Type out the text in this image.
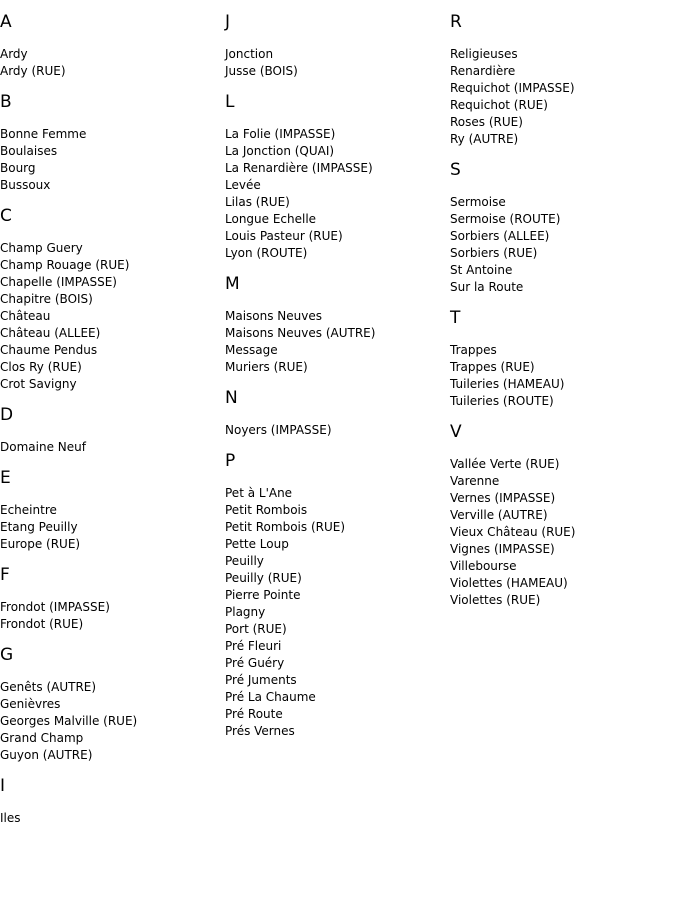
A
Ardy
Ardy (RUE)
B
Bonne Femme
Boulaises
Bourg
Bussoux
C
Champ Guery
Champ Rouage (RUE)
Chapelle (IMPASSE)
Chapitre (BOIS)
Château
Château (ALLEE)
Chaume Pendus
Clos Ry (RUE)
Crot Savigny
D
Domaine Neuf
E
Echeintre
Etang Peuilly
Europe (RUE)
F
Frondot (IMPASSE)
Frondot (RUE)
G
Genêts (AUTRE)
Genièvres
Georges Malville (RUE)
Grand Champ
Guyon (AUTRE)
I
Iles
J
Jonction
Jusse (BOIS)
L
La Folie (IMPASSE)
La Jonction (QUAI)
La Renardière (IMPASSE)
Levée
Lilas (RUE)
Longue Echelle
Louis Pasteur (RUE)
Lyon (ROUTE)
M
Maisons Neuves
Maisons Neuves (AUTRE)
Message
Muriers (RUE)
N
Noyers (IMPASSE)
P
Pet à L'Ane
Petit Rombois
Petit Rombois (RUE)
Pette Loup
Peuilly
Peuilly (RUE)
Pierre Pointe
Plagny
Port (RUE)
Pré Fleuri
Pré Guéry
Pré Juments
Pré La Chaume
Pré Route
Prés Vernes
R
Religieuses
Renardière
Requichot (IMPASSE)
Requichot (RUE)
Roses (RUE)
Ry (AUTRE)
S
Sermoise
Sermoise (ROUTE)
Sorbiers (ALLEE)
Sorbiers (RUE)
St Antoine
Sur la Route
T
Trappes
Trappes (RUE)
Tuileries (HAMEAU)
Tuileries (ROUTE)
V
Vallée Verte (RUE)
Varenne
Vernes (IMPASSE)
Verville (AUTRE)
Vieux Château (RUE)
Vignes (IMPASSE)
Villebourse
Violettes (HAMEAU)
Violettes (RUE)
